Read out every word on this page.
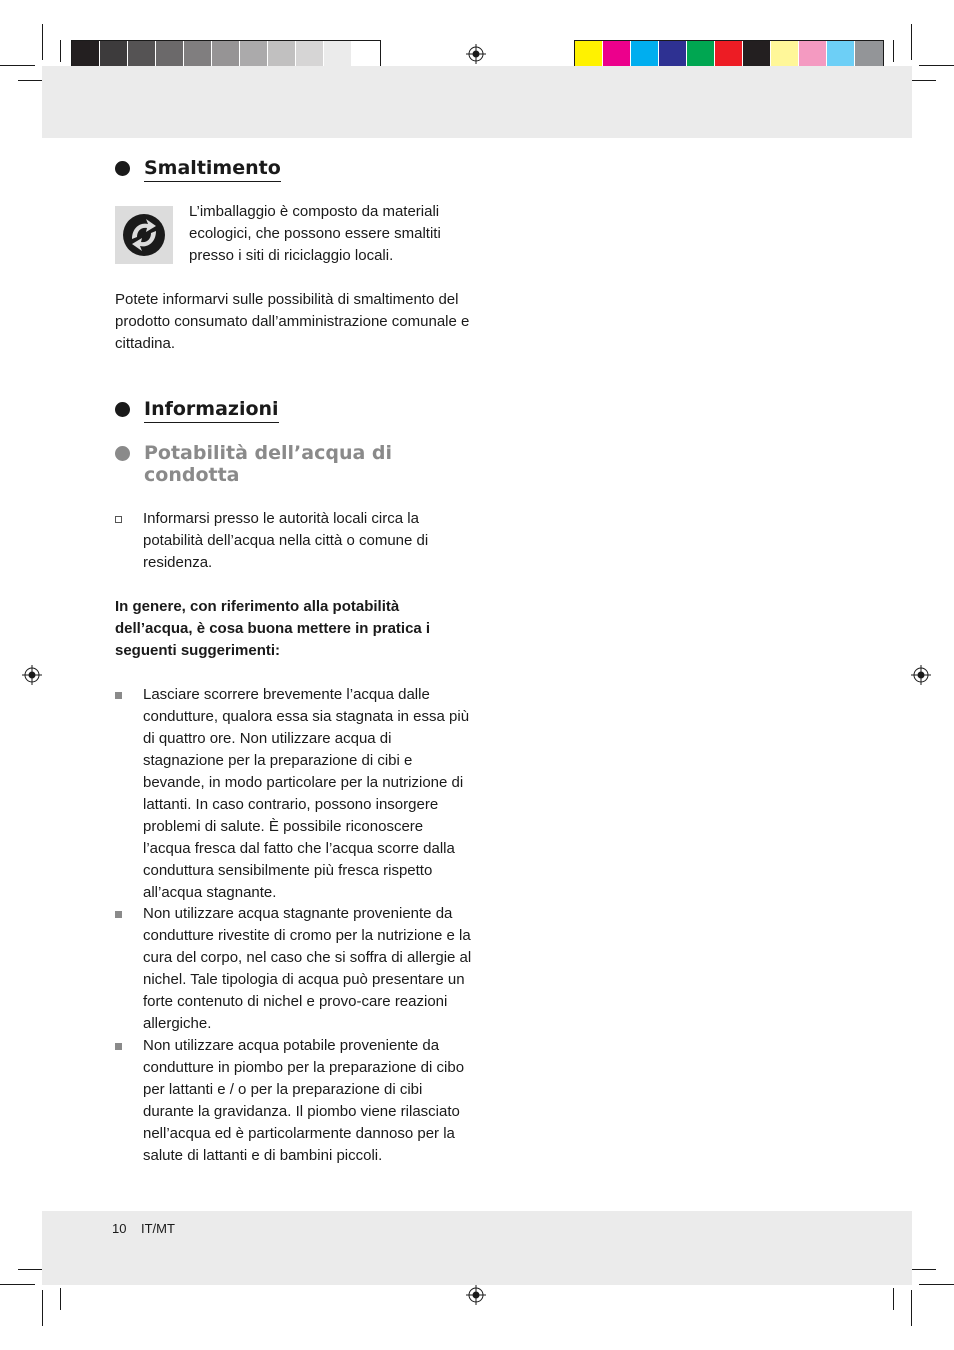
Smaltimento
L’imballaggio è composto da materiali ecologici, che possono essere smaltiti presso i siti di riciclaggio locali.
Potete informarvi sulle possibilità di smaltimento del prodotto consumato dall’amministrazione comunale e cittadina.
Informazioni
Potabilità dell’acqua di condotta
Informarsi presso le autorità locali circa la potabilità dell’acqua nella città o comune di residenza.
In genere, con riferimento alla potabilità dell’acqua, è cosa buona mettere in pratica i seguenti suggerimenti:
Lasciare scorrere brevemente l’acqua dalle condutture, qualora essa sia stagnata in essa più di quattro ore. Non utilizzare acqua di stagnazione per la preparazione di cibi e bevande, in modo particolare per la nutrizione di lattanti. In caso contrario, possono insorgere problemi di salute. È possibile riconoscere l’acqua fresca dal fatto che l’acqua scorre dalla conduttura sensibilmente più fresca rispetto all’acqua stagnante.
Non utilizzare acqua stagnante proveniente da condutture rivestite di cromo per la nutrizione e la cura del corpo, nel caso che si soffra di allergie al nichel. Tale tipologia di acqua può presentare un forte contenuto di nichel e provo-care reazioni allergiche.
Non utilizzare acqua potabile proveniente da condutture in piombo per la preparazione di cibo per lattanti e / o per la preparazione di cibi durante la gravidanza. Il piombo viene rilasciato nell’acqua ed è particolarmente dannoso per la salute di lattanti e di bambini piccoli.
10 IT/MT
